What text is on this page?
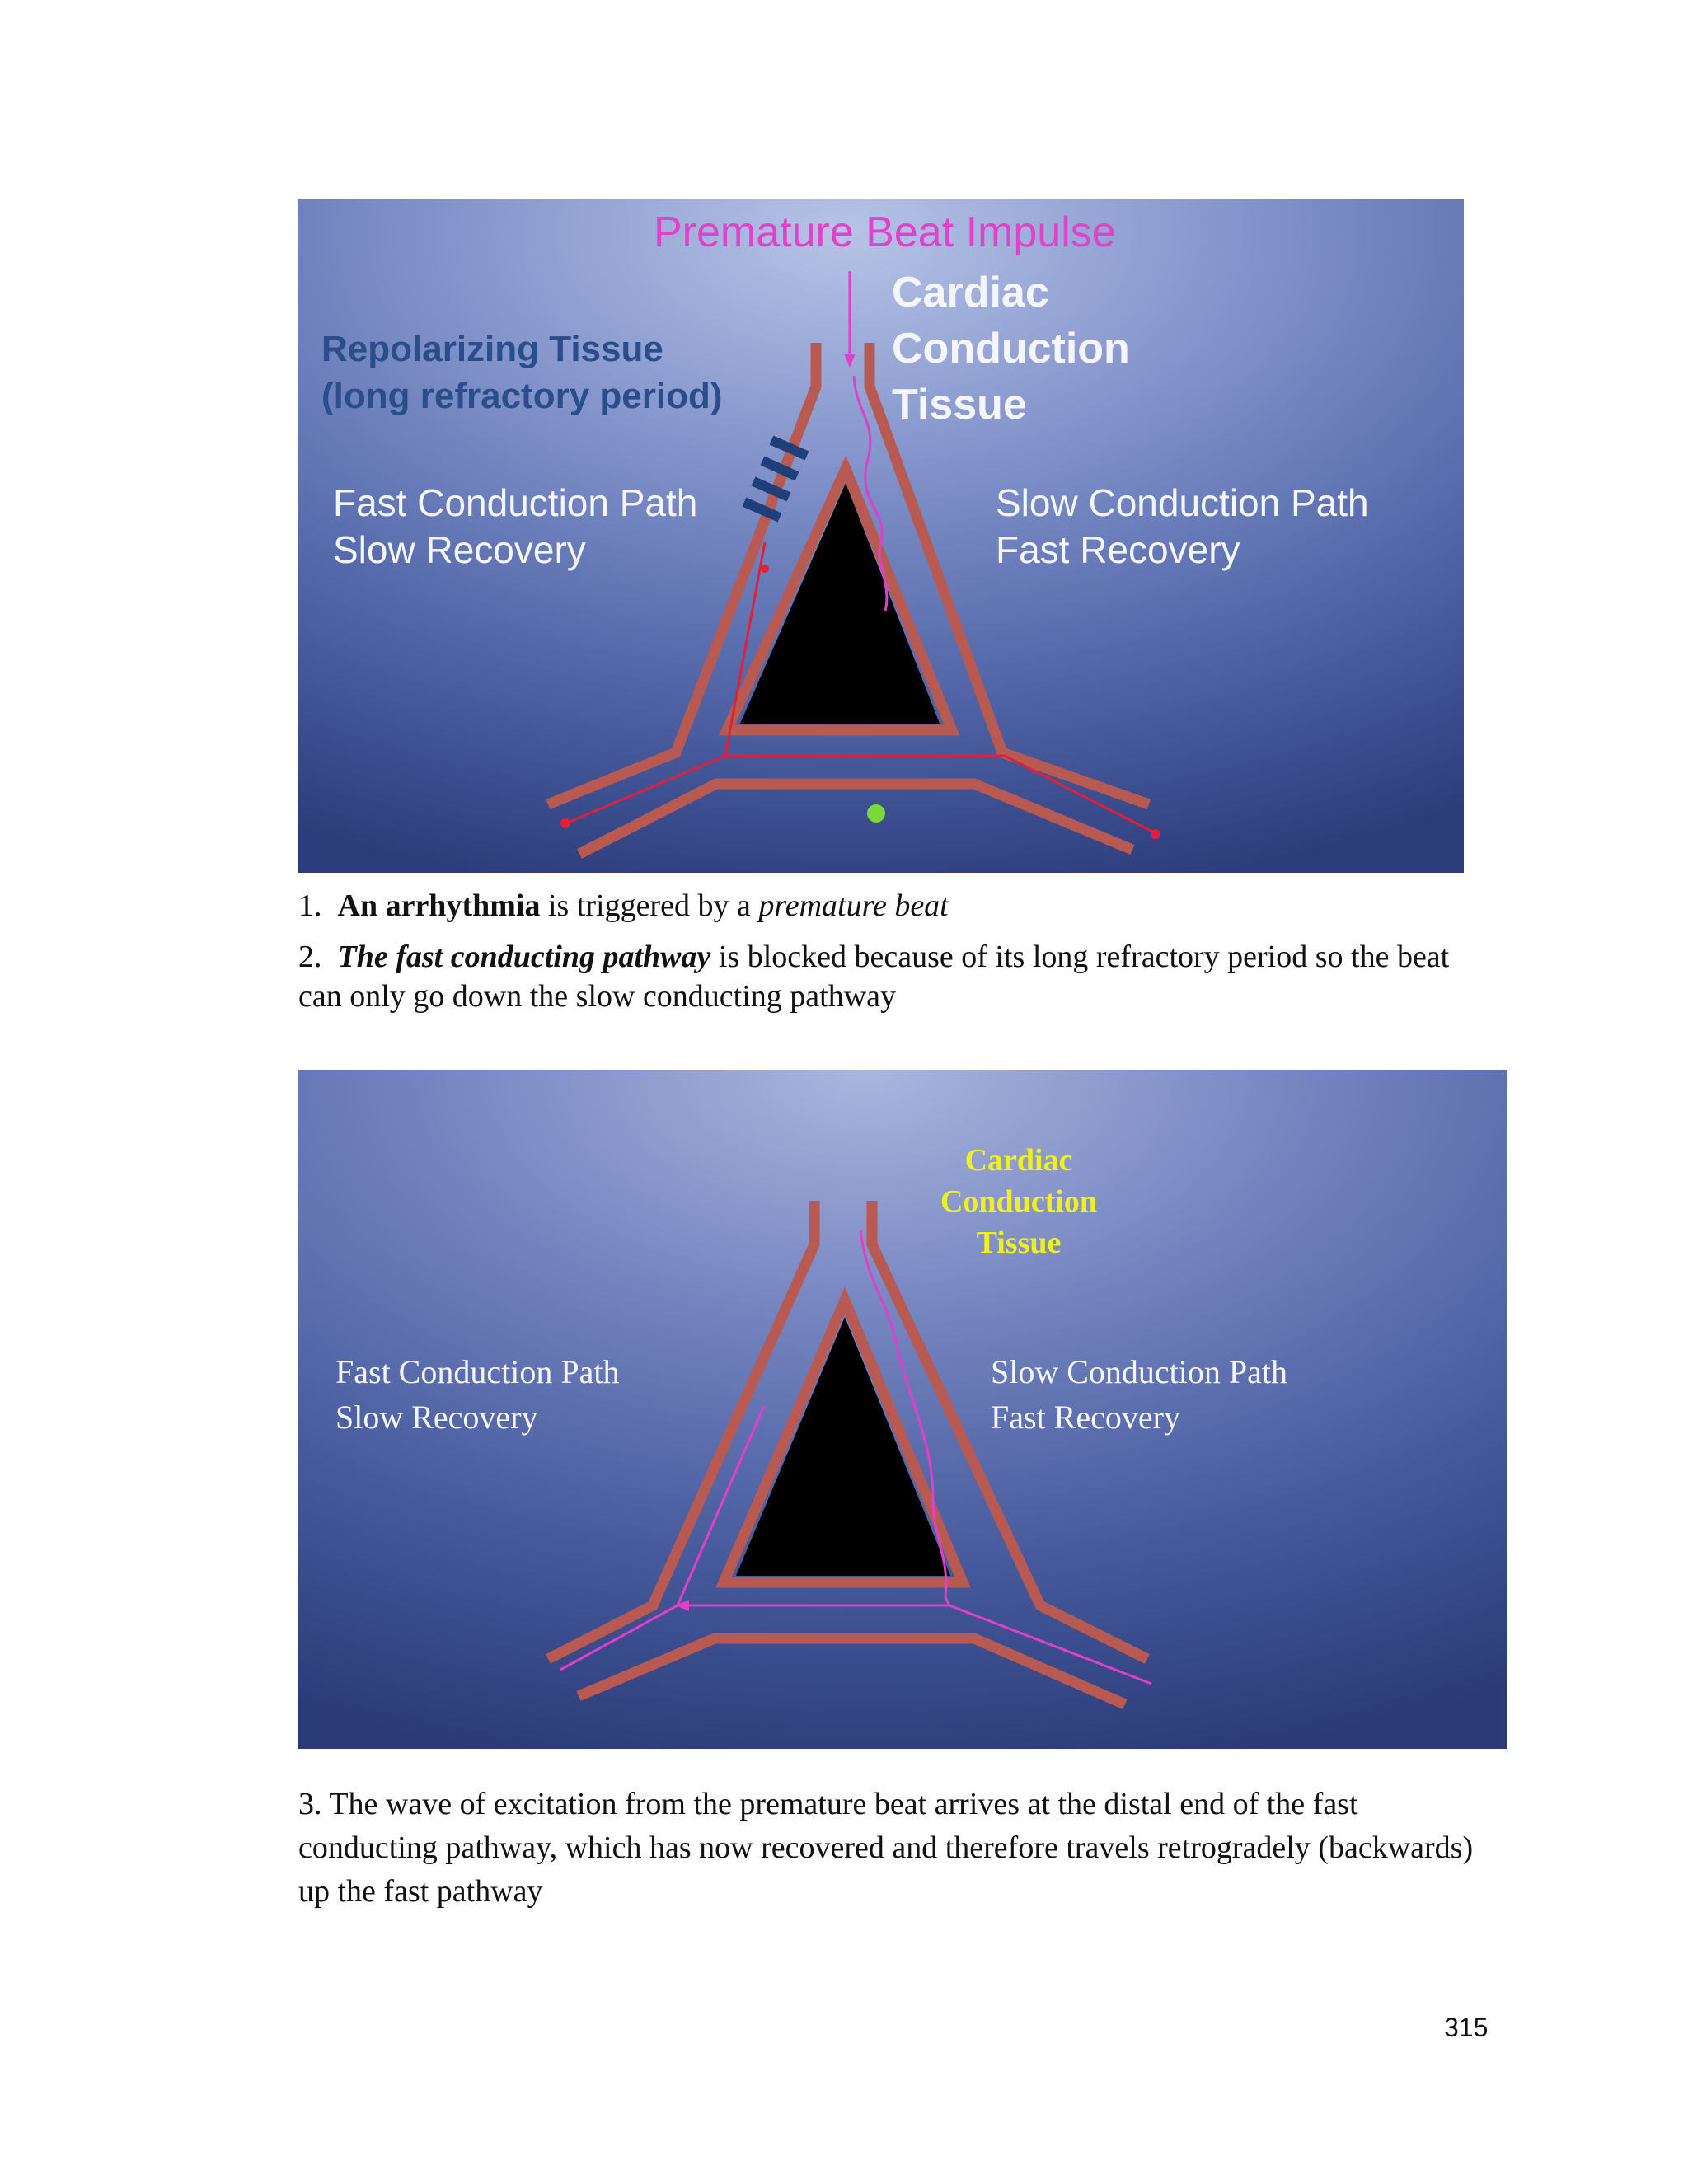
Premature Beat Impulse
Cardiac
Conduction
Tissue
Repolarizing Tissue
(long refractory period)
Fast Conduction Path
Slow Recovery
Slow Conduction Path
Fast Recovery

1. An arrhythmia is triggered by a premature beat

2. The fast conducting pathway is blocked because of its long refractory period so the beat can only go down the slow conducting pathway

Cardiac
Conduction
Tissue
Fast Conduction Path
Slow Recovery
Slow Conduction Path
Fast Recovery

3. The wave of excitation from the premature beat arrives at the distal end of the fast conducting pathway, which has now recovered and therefore travels retrogradely (backwards) up the fast pathway

315
